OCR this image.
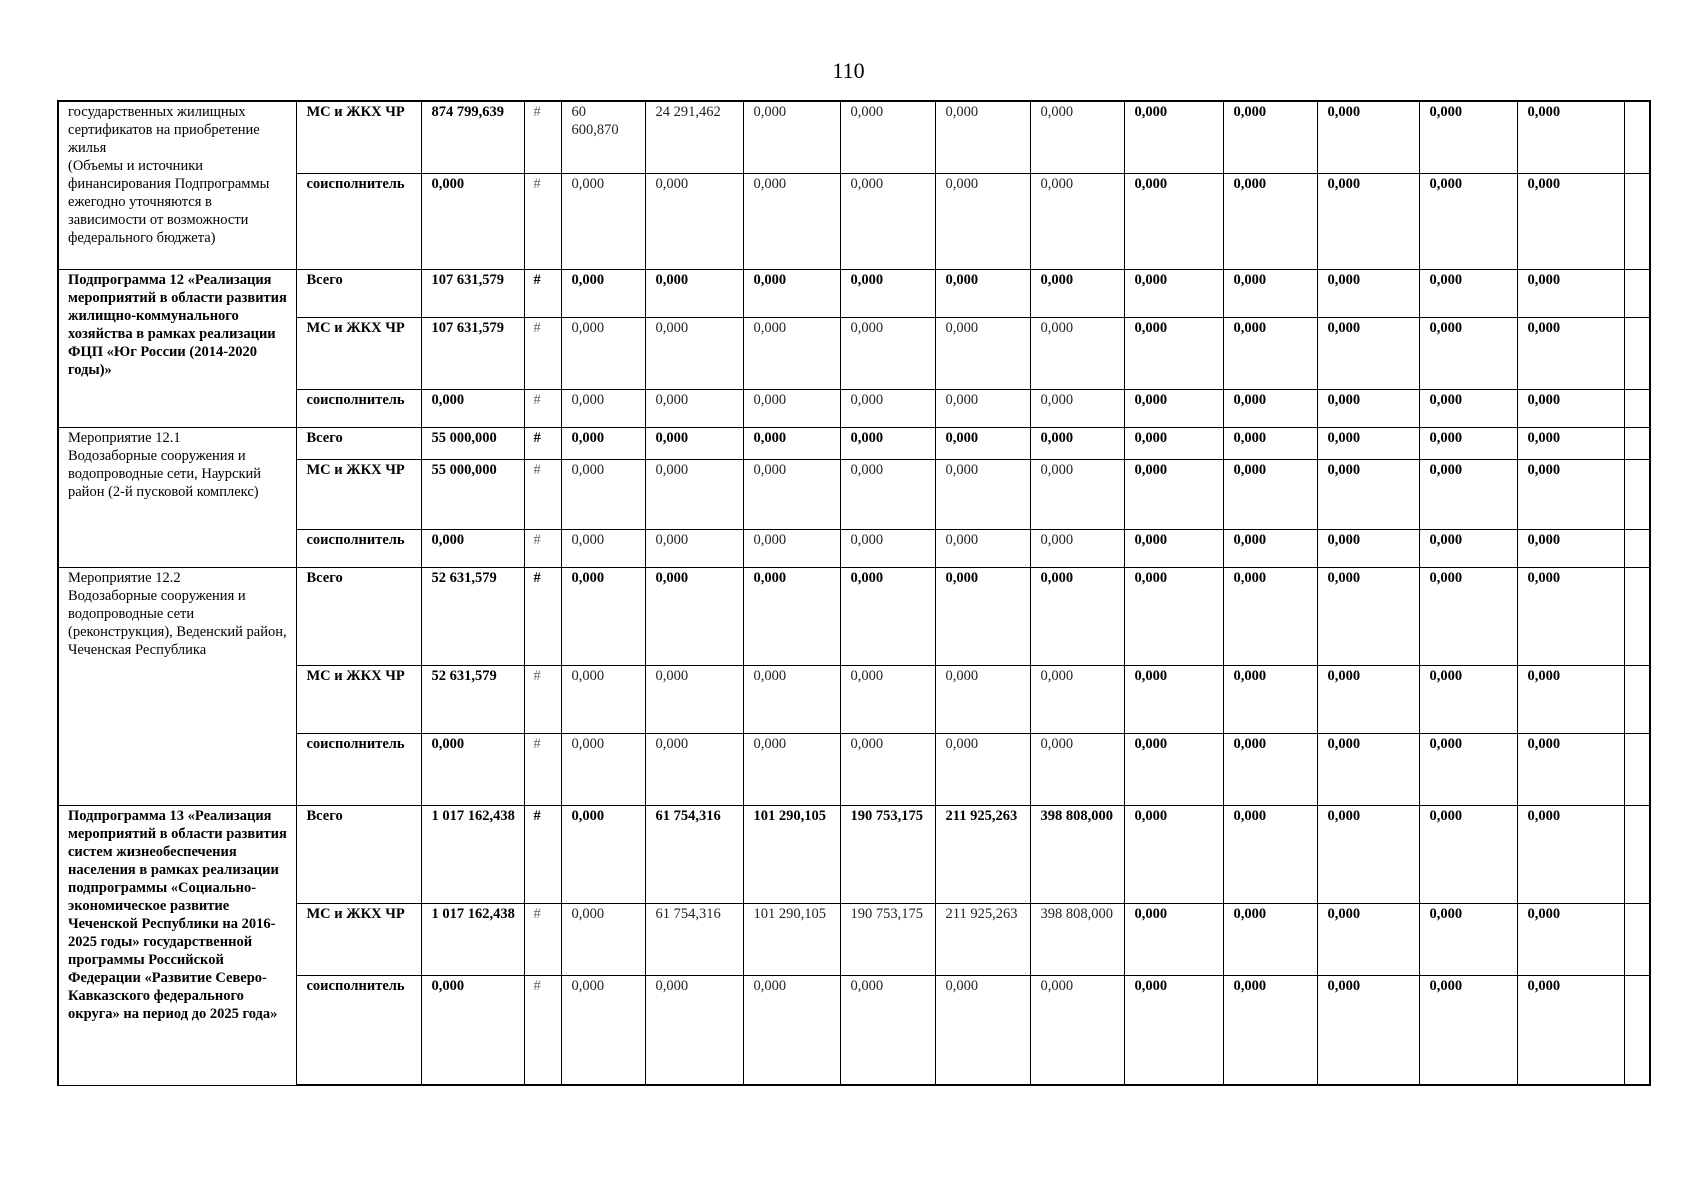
110
государственных жилищных сертификатов на приобретение жилья
(Объемы и источники финансирования Подпрограммы ежегодно уточняются в зависимости от возможности федерального бюджета)	МС и ЖКХ ЧР	874 799,639	#	60 600,870	24 291,462	0,000	0,000	0,000	0,000	0,000	0,000	0,000	0,000	0,000	
	соисполнитель	0,000	#	0,000	0,000	0,000	0,000	0,000	0,000	0,000	0,000	0,000	0,000	0,000	
Подпрограмма 12 «Реализация мероприятий в области развития жилищно-коммунального хозяйства в рамках реализации ФЦП «Юг России (2014-2020 годы)»	Всего	107 631,579	#	0,000	0,000	0,000	0,000	0,000	0,000	0,000	0,000	0,000	0,000	0,000	
	МС и ЖКХ ЧР	107 631,579	#	0,000	0,000	0,000	0,000	0,000	0,000	0,000	0,000	0,000	0,000	0,000	
	соисполнитель	0,000	#	0,000	0,000	0,000	0,000	0,000	0,000	0,000	0,000	0,000	0,000	0,000	
Мероприятие 12.1
Водозаборные сооружения и водопроводные сети, Наурский район (2-й пусковой комплекс)	Всего	55 000,000	#	0,000	0,000	0,000	0,000	0,000	0,000	0,000	0,000	0,000	0,000	0,000	
	МС и ЖКХ ЧР	55 000,000	#	0,000	0,000	0,000	0,000	0,000	0,000	0,000	0,000	0,000	0,000	0,000	
	соисполнитель	0,000	#	0,000	0,000	0,000	0,000	0,000	0,000	0,000	0,000	0,000	0,000	0,000	
Мероприятие 12.2
Водозаборные сооружения и водопроводные сети (реконструкция), Веденский район, Чеченская Республика	Всего	52 631,579	#	0,000	0,000	0,000	0,000	0,000	0,000	0,000	0,000	0,000	0,000	0,000	
	МС и ЖКХ ЧР	52 631,579	#	0,000	0,000	0,000	0,000	0,000	0,000	0,000	0,000	0,000	0,000	0,000	
	соисполнитель	0,000	#	0,000	0,000	0,000	0,000	0,000	0,000	0,000	0,000	0,000	0,000	0,000	
Подпрограмма 13 «Реализация мероприятий в области развития систем жизнеобеспечения населения в рамках реализации подпрограммы «Социально-экономическое развитие Чеченской Республики на 2016-2025 годы» государственной программы Российской Федерации «Развитие Северо-Кавказского федерального округа» на период до 2025 года»	Всего	1 017 162,438	#	0,000	61 754,316	101 290,105	190 753,175	211 925,263	398 808,000	0,000	0,000	0,000	0,000	0,000	
	МС и ЖКХ ЧР	1 017 162,438	#	0,000	61 754,316	101 290,105	190 753,175	211 925,263	398 808,000	0,000	0,000	0,000	0,000	0,000	
	соисполнитель	0,000	#	0,000	0,000	0,000	0,000	0,000	0,000	0,000	0,000	0,000	0,000	0,000	
